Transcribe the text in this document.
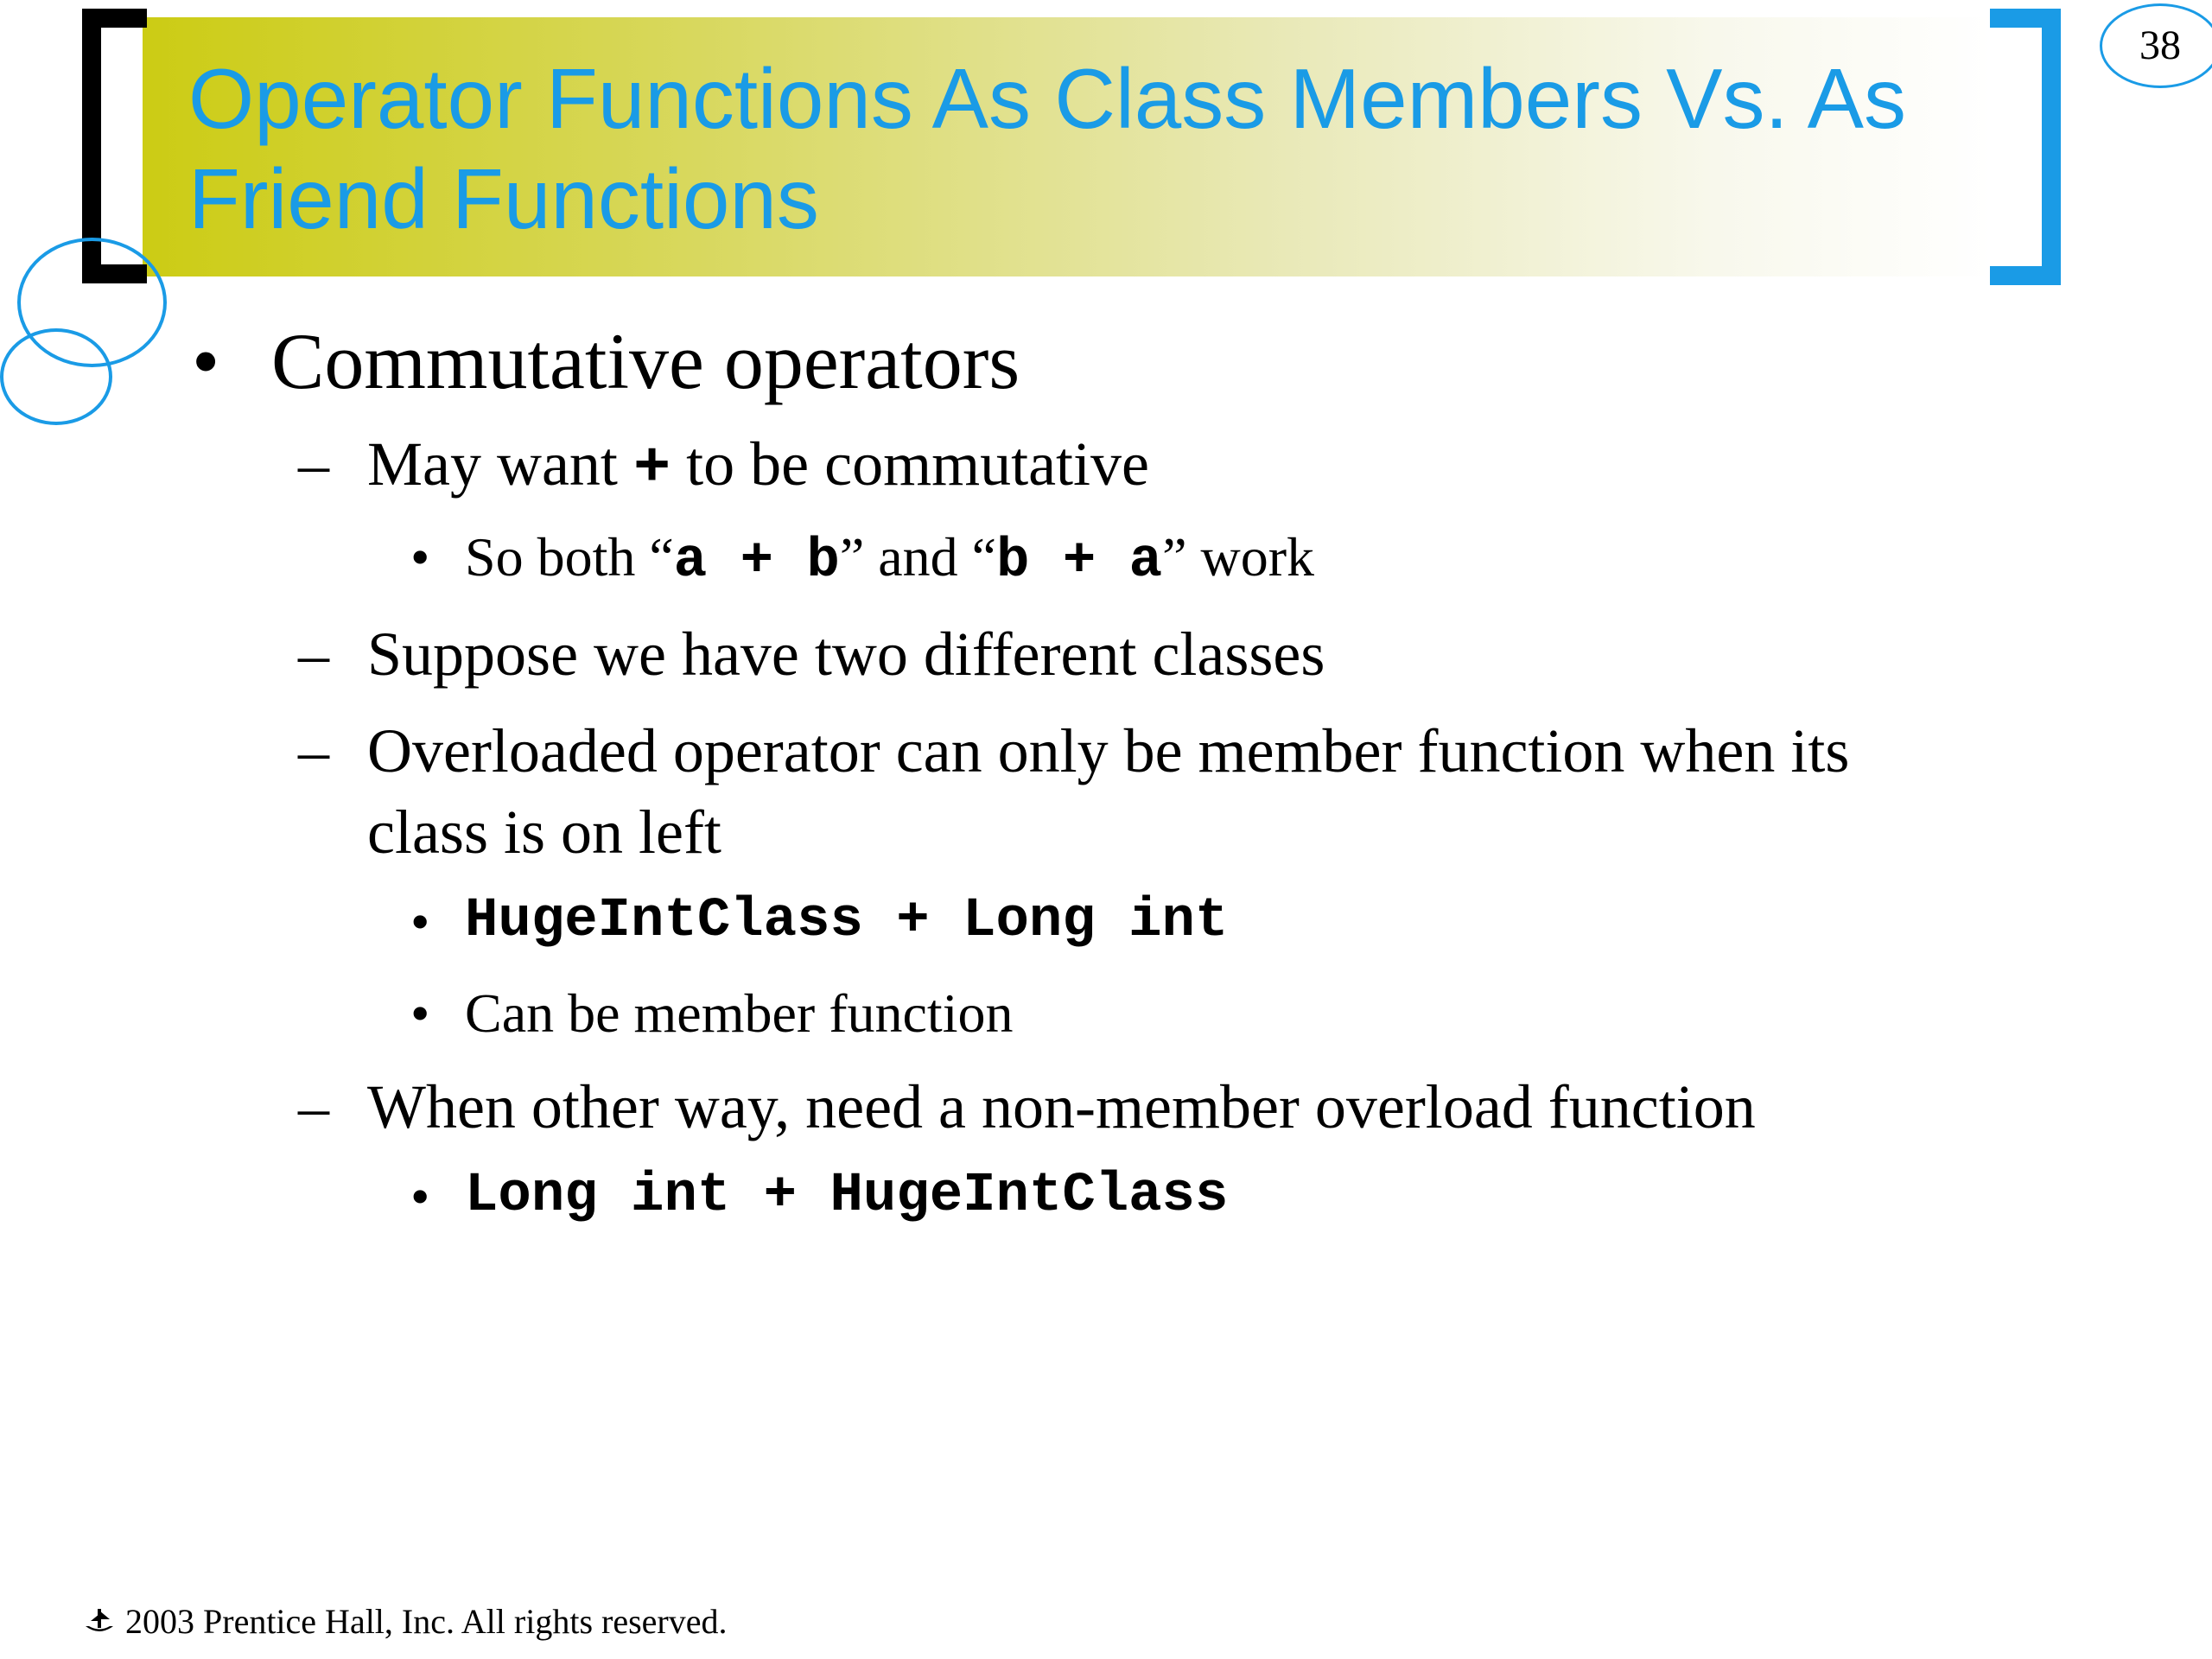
Operator Functions As Class Members Vs. As Friend Functions
38
• Commutative operators
– May want + to be commutative
• So both “a + b” and “b + a” work
– Suppose we have two different classes
– Overloaded operator can only be member function when its
class is on left
• HugeIntClass + Long int
• Can be member function
– When other way, need a non-member overload function
• Long int + HugeIntClass
2003 Prentice Hall, Inc. All rights reserved.
